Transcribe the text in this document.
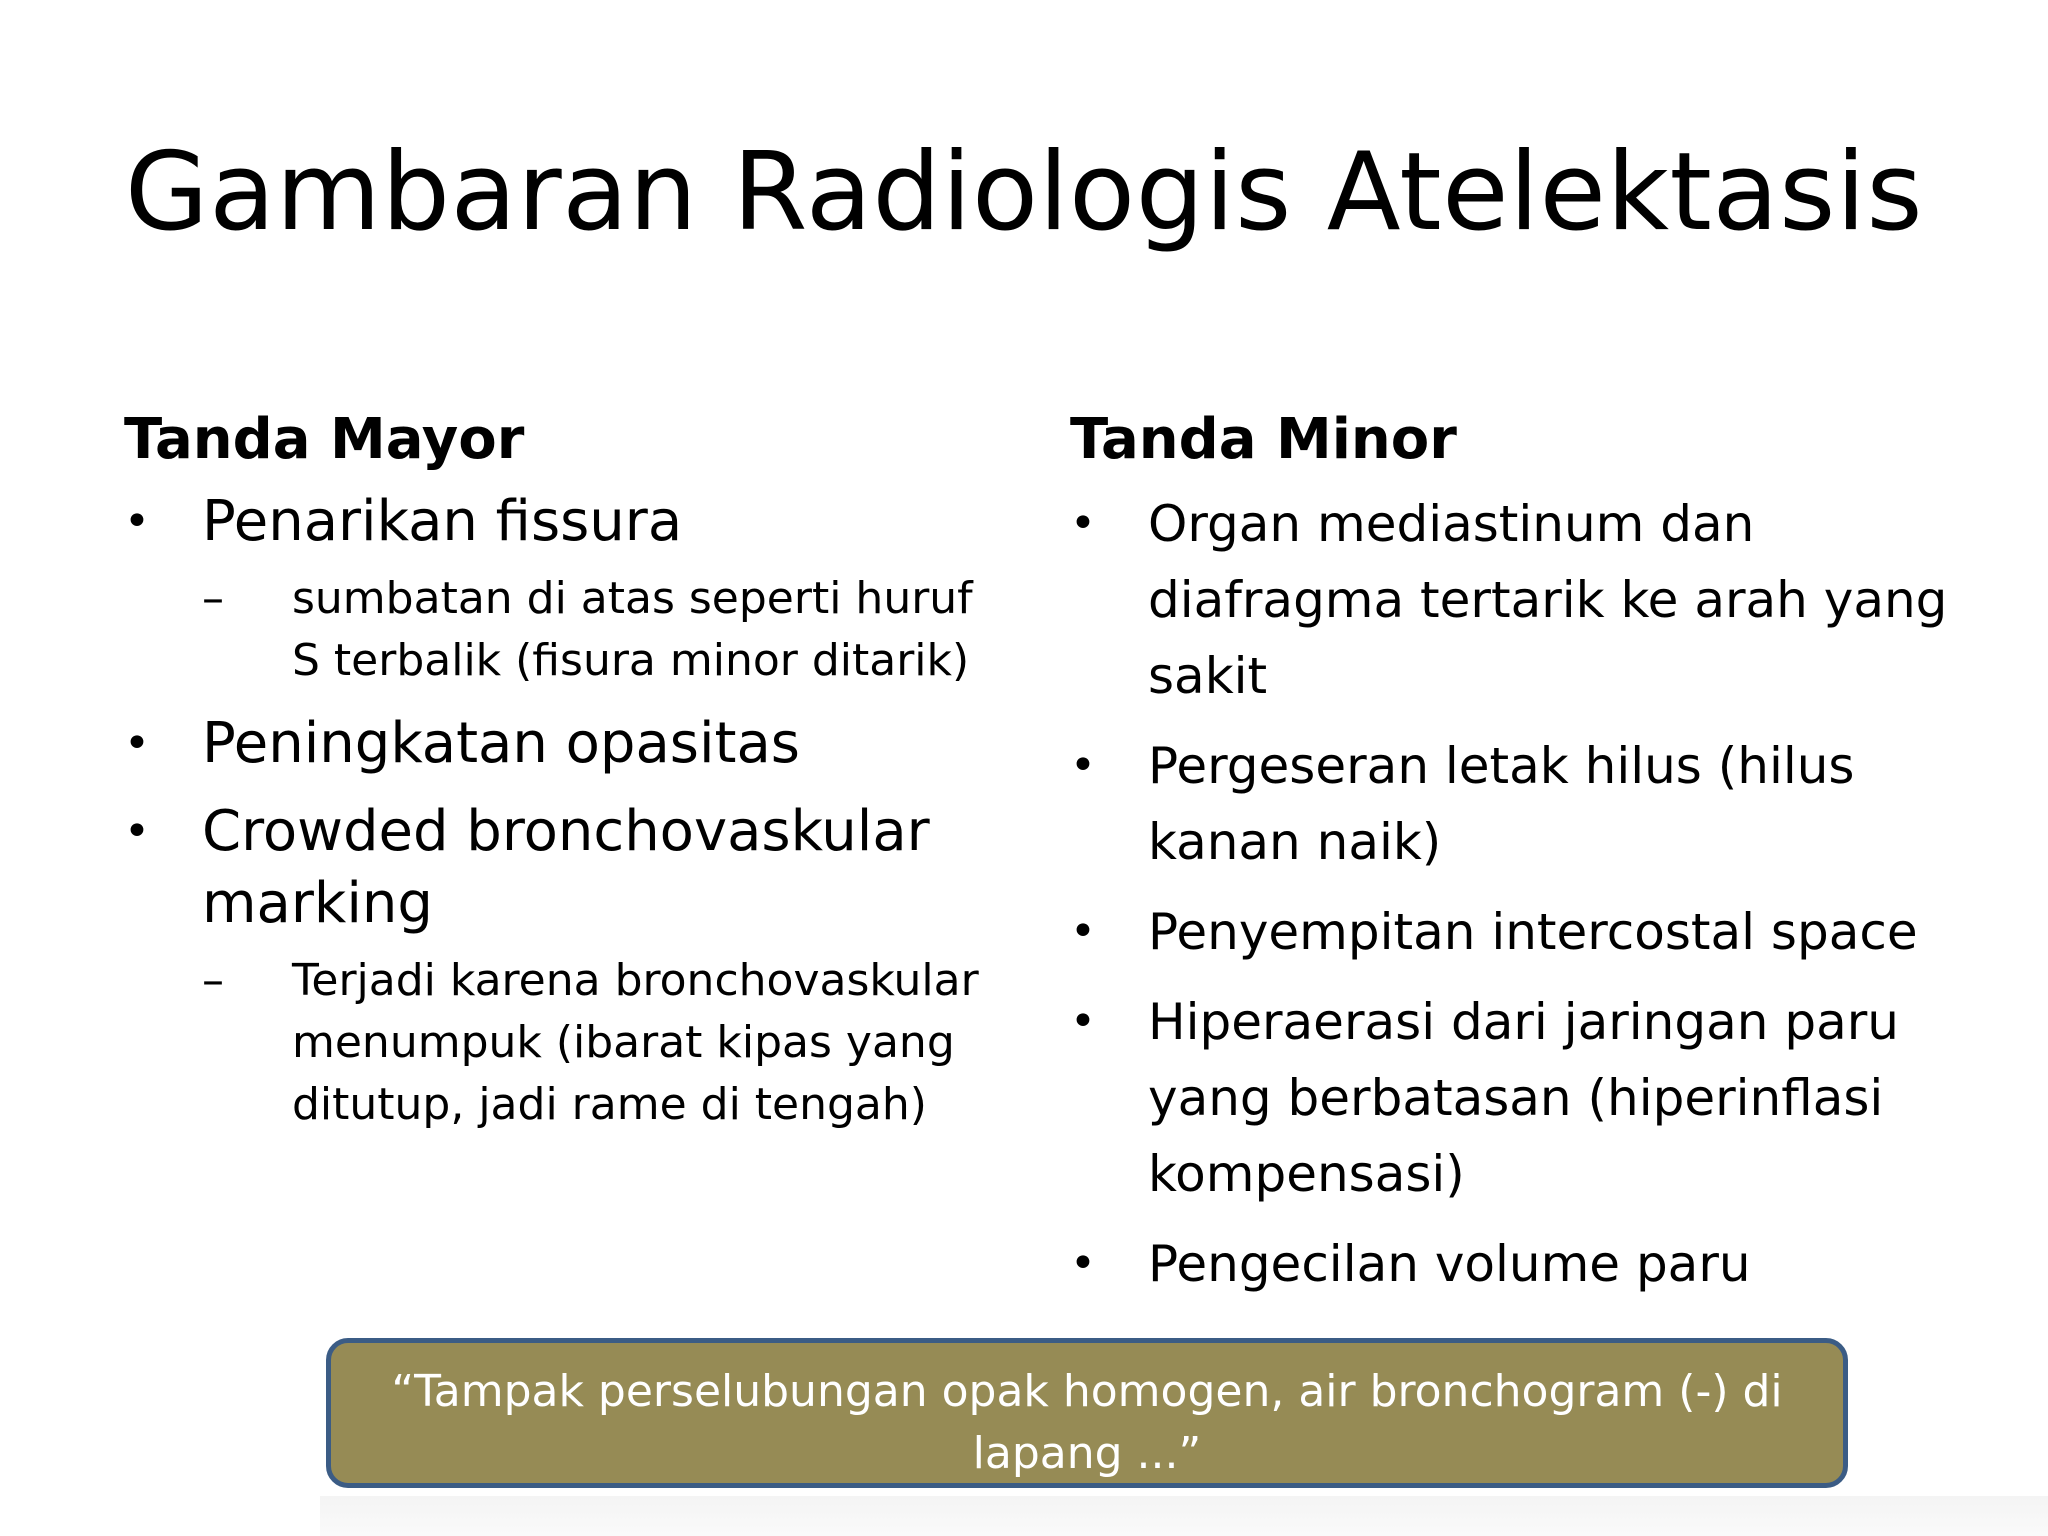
Gambaran Radiologis Atelektasis
Tanda Mayor
• Penarikan fissura
–	sumbatan di atas seperti huruf S terbalik (fisura minor ditarik)
• Peningkatan opasitas
• Crowded bronchovaskular marking
–	Terjadi karena bronchovaskular menumpuk (ibarat kipas yang ditutup, jadi rame di tengah)
Tanda Minor
• Organ mediastinum dan diafragma tertarik ke arah yang sakit
• Pergeseran letak hilus (hilus kanan naik)
• Penyempitan intercostal space
• Hiperaerasi dari jaringan paru yang berbatasan (hiperinflasi kompensasi)
• Pengecilan volume paru
“Tampak perselubungan opak homogen, air bronchogram (-) di lapang ...”
